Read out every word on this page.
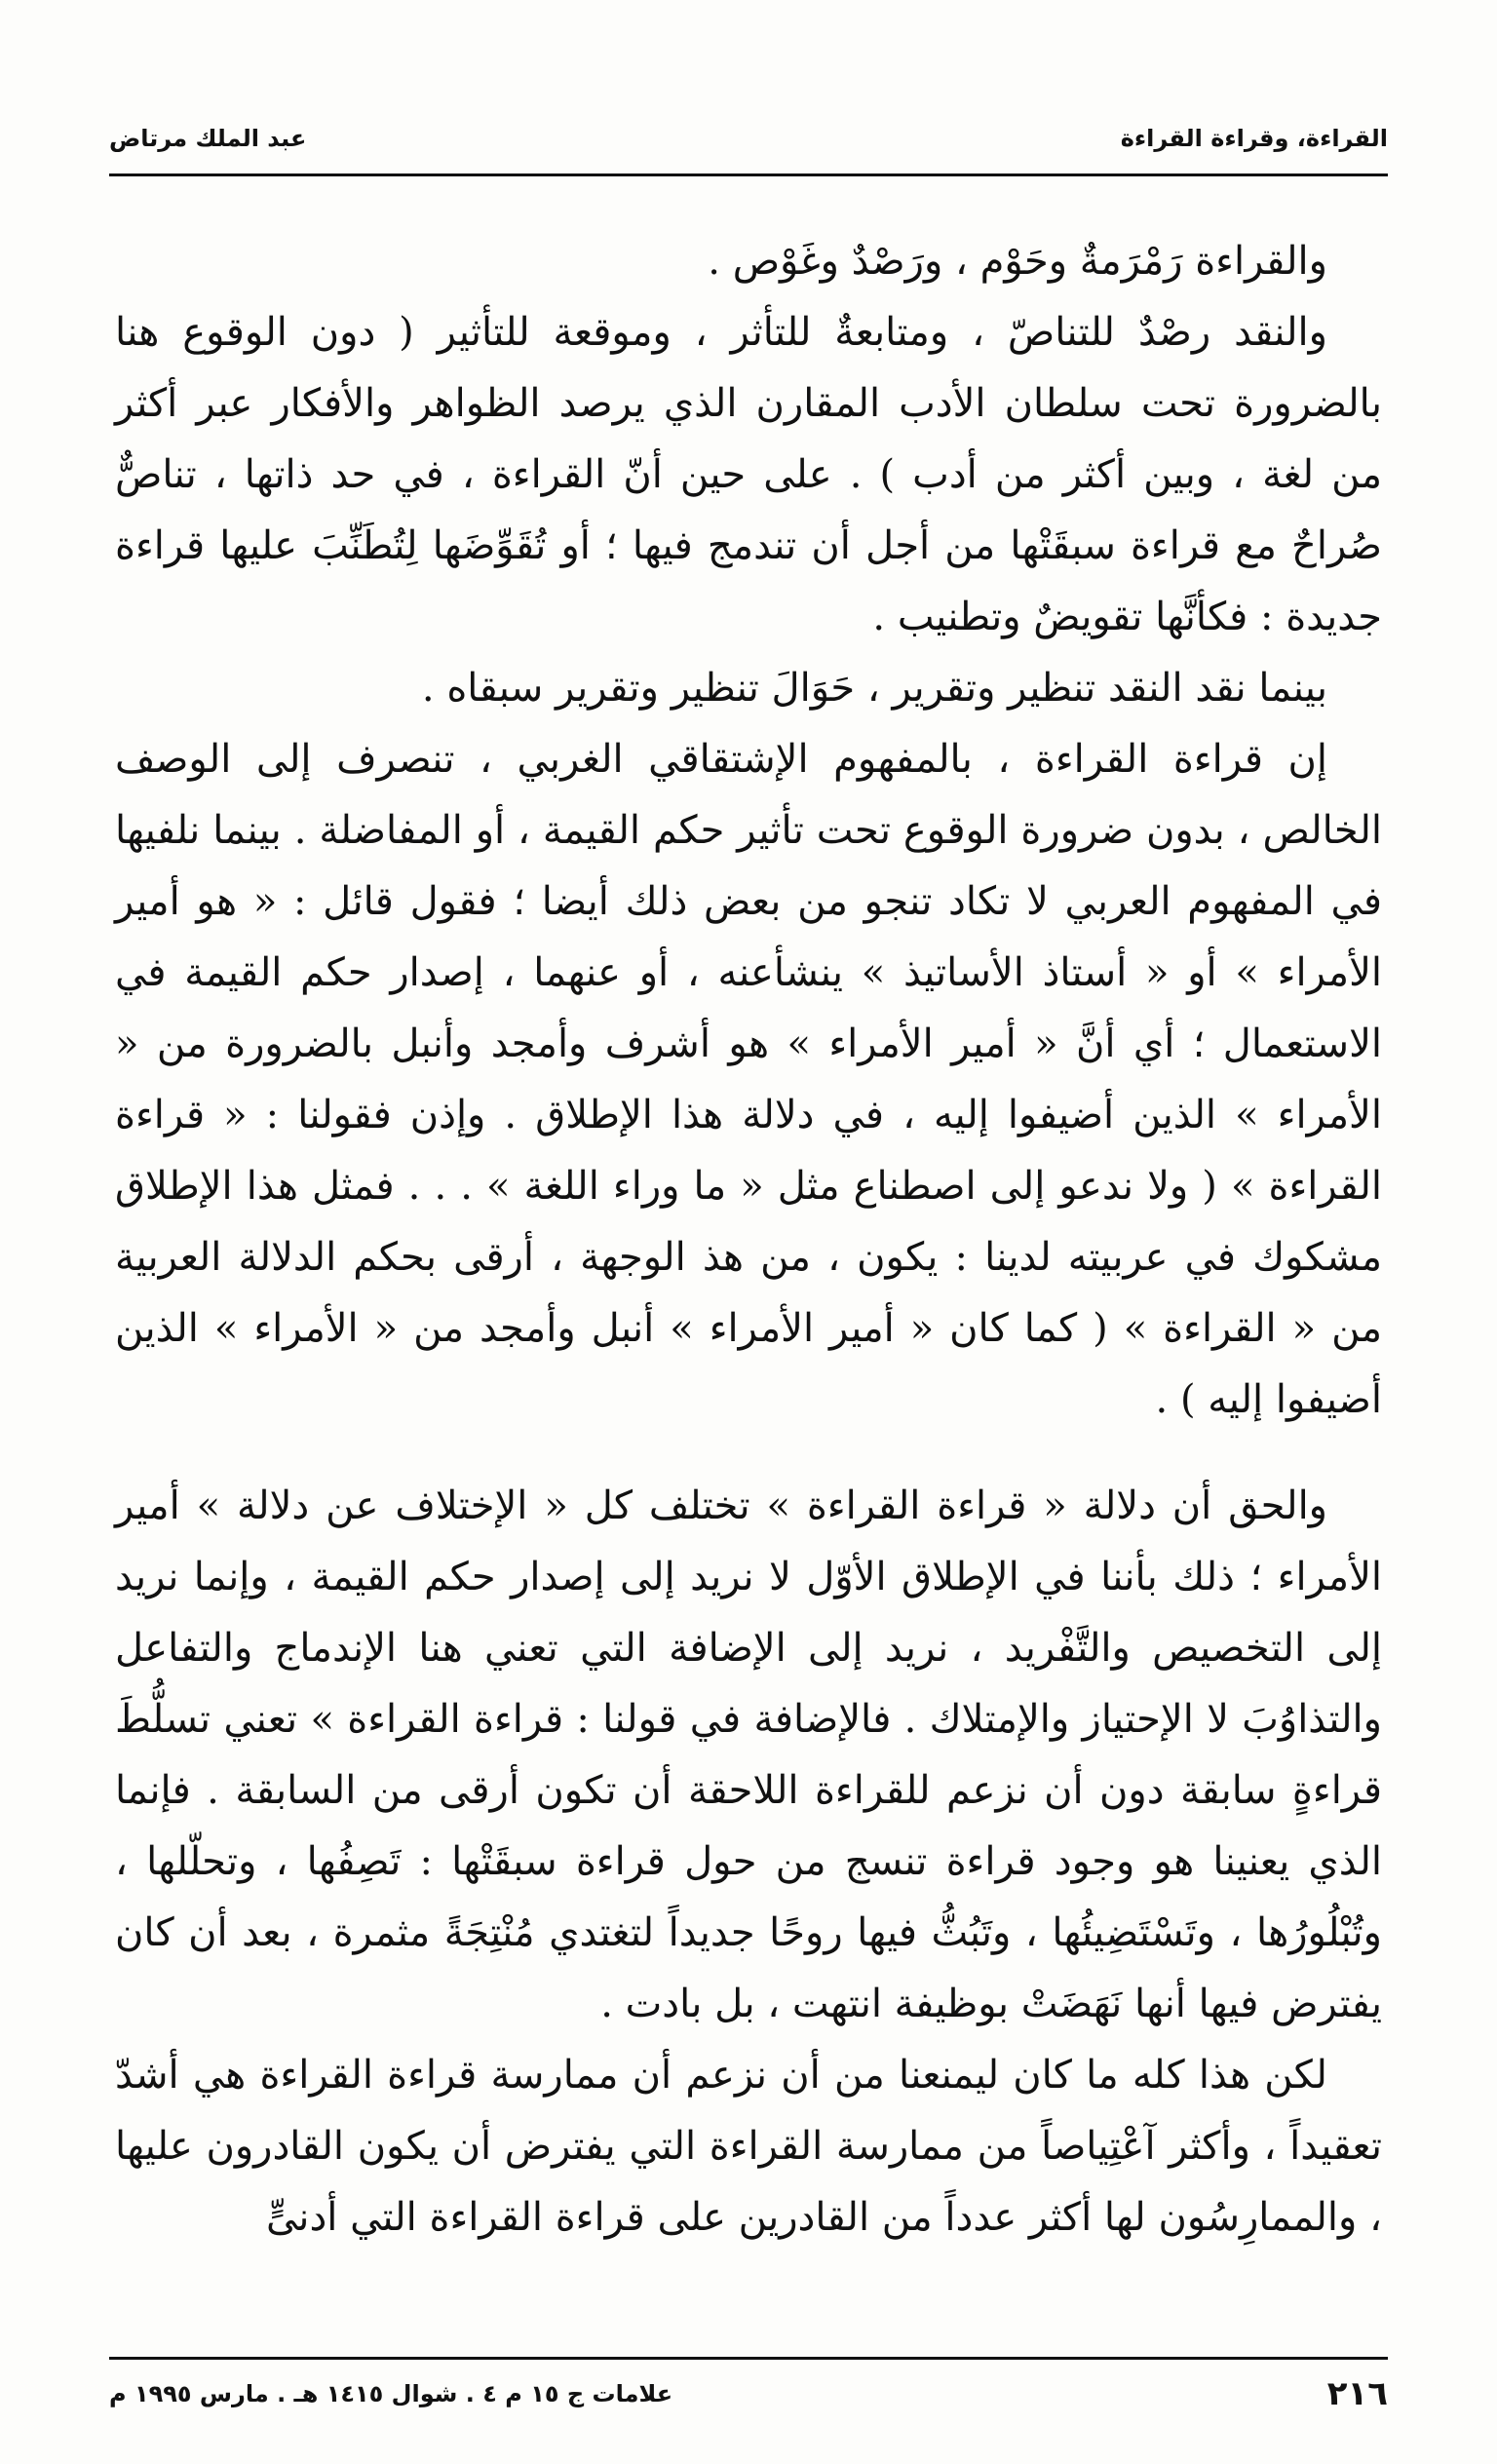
القراءة، وقراءة القراءة
عبد الملك مرتاض

والقراءة رَمْرَمةٌ وحَوْم ، ورَصْدٌ وغَوْص .

والنقد رصْدٌ للتناصّ ، ومتابعةٌ للتأثر ، وموقعة للتأثير ( دون الوقوع هنا بالضرورة تحت سلطان الأدب المقارن الذي يرصد الظواهر والأفكار عبر أكثر من لغة ، وبين أكثر من أدب ) . على حين أنّ القراءة ، في حد ذاتها ، تناصٌّ صُراحٌ مع قراءة سبقَتْها من أجل أن تندمج فيها ؛ أو تُقَوِّضَها لِتُطَنِّبَ عليها قراءة جديدة : فكأنَّها تقويضٌ وتطنيب .

بينما نقد النقد تنظير وتقرير ، حَوَالَ تنظير وتقرير سبقاه .

إن قراءة القراءة ، بالمفهوم الإشتقاقي الغربي ، تنصرف إلى الوصف الخالص ، بدون ضرورة الوقوع تحت تأثير حكم القيمة ، أو المفاضلة . بينما نلفيها في المفهوم العربي لا تكاد تنجو من بعض ذلك أيضا ؛ فقول قائل : « هو أمير الأمراء » أو « أستاذ الأساتيذ » ينشأعنه ، أو عنهما ، إصدار حكم القيمة في الاستعمال ؛ أي أنَّ « أمير الأمراء » هو أشرف وأمجد وأنبل بالضرورة من « الأمراء » الذين أضيفوا إليه ، في دلالة هذا الإطلاق . وإذن فقولنا : « قراءة القراءة » ( ولا ندعو إلى اصطناع مثل « ما وراء اللغة » . . . فمثل هذا الإطلاق مشكوك في عربيته لدينا : يكون ، من هذ الوجهة ، أرقى بحكم الدلالة العربية من « القراءة » ( كما كان « أمير الأمراء » أنبل وأمجد من « الأمراء » الذين أضيفوا إليه ) .

والحق أن دلالة « قراءة القراءة » تختلف كل « الإختلاف عن دلالة » أمير الأمراء ؛ ذلك بأننا في الإطلاق الأوّل لا نريد إلى إصدار حكم القيمة ، وإنما نريد إلى التخصيص والتَّفْريد ، نريد إلى الإضافة التي تعني هنا الإندماج والتفاعل والتذاوُبَ لا الإحتياز والإمتلاك . فالإضافة في قولنا : قراءة القراءة » تعني تسلُّطَ قراءةٍ سابقة دون أن نزعم للقراءة اللاحقة أن تكون أرقى من السابقة . فإنما الذي يعنينا هو وجود قراءة تنسج من حول قراءة سبقَتْها : تَصِفُها ، وتحلّلها ، وتُبْلُورُها ، وتَسْتَضِيئُها ، وتَبُثُّ فيها روحًا جديداً لتغتدي مُنْتِجَةً مثمرة ، بعد أن كان يفترض فيها أنها نَهَضَتْ بوظيفة انتهت ، بل بادت .

لكن هذا كله ما كان ليمنعنا من أن نزعم أن ممارسة قراءة القراءة هي أشدّ تعقيداً ، وأكثر آعْتِياصاً من ممارسة القراءة التي يفترض أن يكون القادرون عليها ، والممارِسُون لها أكثر عدداً من القادرين على قراءة القراءة التي أدنىٍّ

٢١٦
علامات ج ١٥ م ٤ . شوال ١٤١٥ هـ . مارس ١٩٩٥ م
